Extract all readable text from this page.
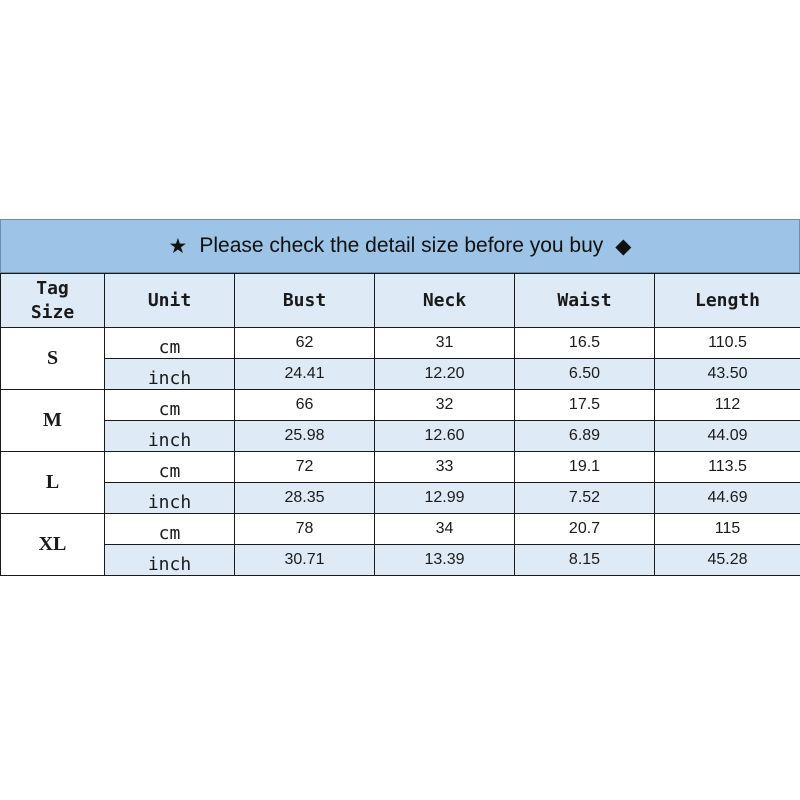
★ Please check the detail size before you buy ◆
Tag
Size	Unit	Bust	Neck	Waist	Length
S	cm	62	31	16.5	110.5
	inch	24.41	12.20	6.50	43.50
M	cm	66	32	17.5	112
	inch	25.98	12.60	6.89	44.09
L	cm	72	33	19.1	113.5
	inch	28.35	12.99	7.52	44.69
XL	cm	78	34	20.7	115
	inch	30.71	13.39	8.15	45.28
